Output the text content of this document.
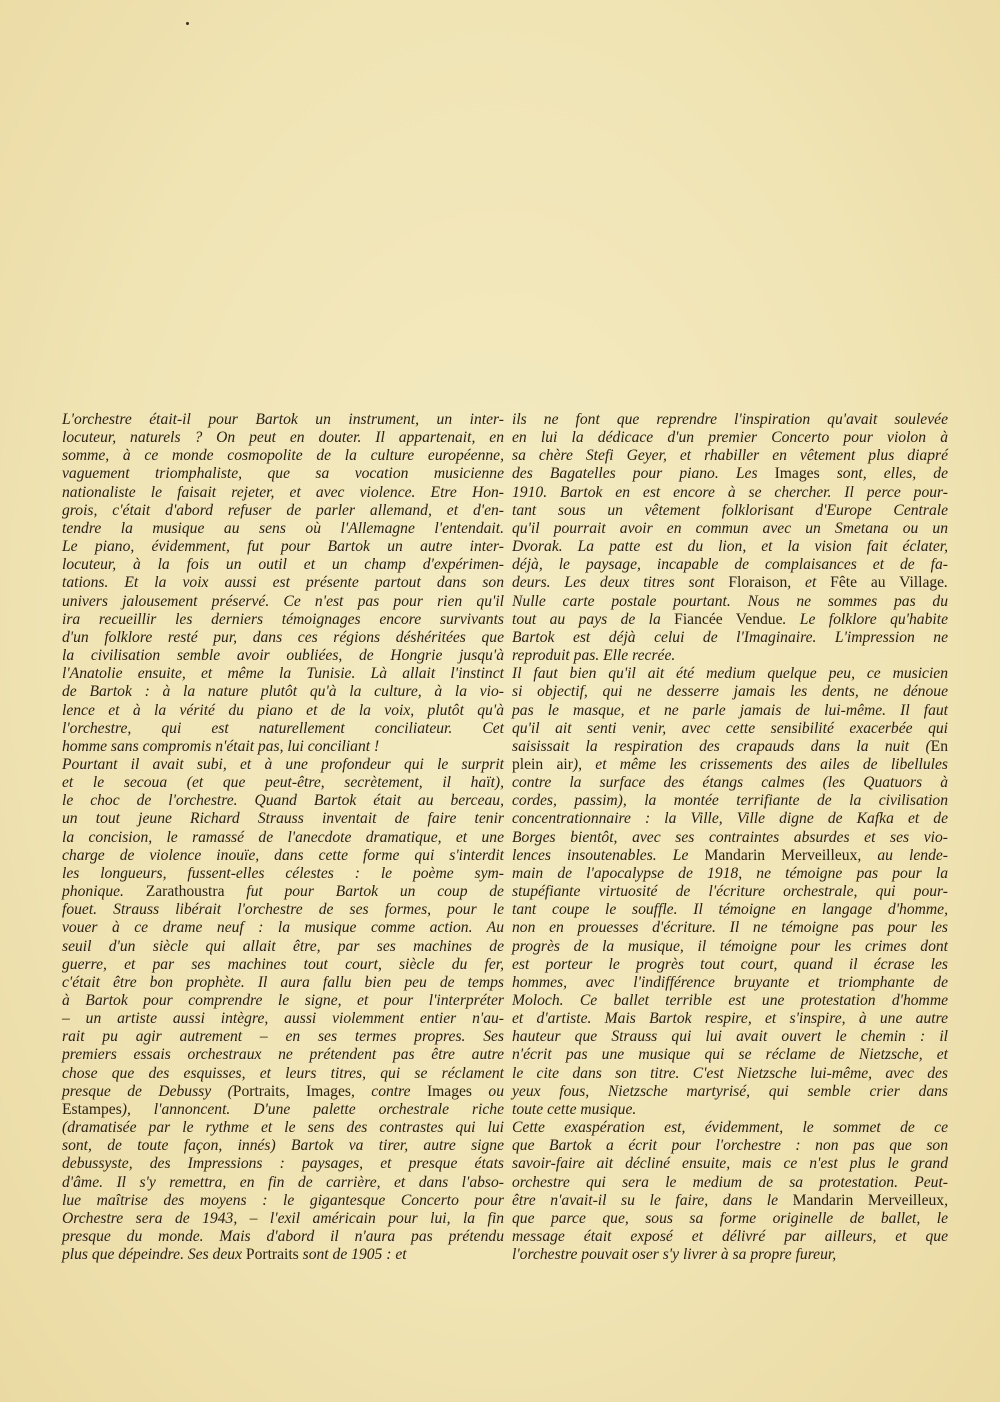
L'orchestre était-il pour Bartok un instrument, un inter-
locuteur, naturels ? On peut en douter. Il appartenait, en
somme, à ce monde cosmopolite de la culture européenne,
vaguement triomphaliste, que sa vocation musicienne
nationaliste le faisait rejeter, et avec violence. Etre Hon-
grois, c'était d'abord refuser de parler allemand, et d'en-
tendre la musique au sens où l'Allemagne l'entendait.
Le piano, évidemment, fut pour Bartok un autre inter-
locuteur, à la fois un outil et un champ d'expérimen-
tations. Et la voix aussi est présente partout dans son
univers jalousement préservé. Ce n'est pas pour rien qu'il
ira recueillir les derniers témoignages encore survivants
d'un folklore resté pur, dans ces régions déshéritées que
la civilisation semble avoir oubliées, de Hongrie jusqu'à
l'Anatolie ensuite, et même la Tunisie. Là allait l'instinct
de Bartok : à la nature plutôt qu'à la culture, à la vio-
lence et à la vérité du piano et de la voix, plutôt qu'à
l'orchestre, qui est naturellement conciliateur. Cet
homme sans compromis n'était pas, lui conciliant !
Pourtant il avait subi, et à une profondeur qui le surprit
et le secoua (et que peut-être, secrètement, il haït),
le choc de l'orchestre. Quand Bartok était au berceau,
un tout jeune Richard Strauss inventait de faire tenir
la concision, le ramassé de l'anecdote dramatique, et une
charge de violence inouïe, dans cette forme qui s'interdit
les longueurs, fussent-elles célestes : le poème sym-
phonique. Zarathoustra fut pour Bartok un coup de
fouet. Strauss libérait l'orchestre de ses formes, pour le
vouer à ce drame neuf : la musique comme action. Au
seuil d'un siècle qui allait être, par ses machines de
guerre, et par ses machines tout court, siècle du fer,
c'était être bon prophète. Il aura fallu bien peu de temps
à Bartok pour comprendre le signe, et pour l'interpréter
– un artiste aussi intègre, aussi violemment entier n'au-
rait pu agir autrement – en ses termes propres. Ses
premiers essais orchestraux ne prétendent pas être autre
chose que des esquisses, et leurs titres, qui se réclament
presque de Debussy (Portraits, Images, contre Images ou
Estampes), l'annoncent. D'une palette orchestrale riche
(dramatisée par le rythme et le sens des contrastes qui lui
sont, de toute façon, innés) Bartok va tirer, autre signe
debussyste, des Impressions : paysages, et presque états
d'âme. Il s'y remettra, en fin de carrière, et dans l'abso-
lue maîtrise des moyens : le gigantesque Concerto pour
Orchestre sera de 1943, – l'exil américain pour lui, la fin
presque du monde. Mais d'abord il n'aura pas prétendu
plus que dépeindre. Ses deux Portraits sont de 1905 : et
ils ne font que reprendre l'inspiration qu'avait soulevée
en lui la dédicace d'un premier Concerto pour violon à
sa chère Stefi Geyer, et rhabiller en vêtement plus diapré
des Bagatelles pour piano. Les Images sont, elles, de
1910. Bartok en est encore à se chercher. Il perce pour-
tant sous un vêtement folklorisant d'Europe Centrale
qu'il pourrait avoir en commun avec un Smetana ou un
Dvorak. La patte est du lion, et la vision fait éclater,
déjà, le paysage, incapable de complaisances et de fa-
deurs. Les deux titres sont Floraison, et Fête au Village.
Nulle carte postale pourtant. Nous ne sommes pas du
tout au pays de la Fiancée Vendue. Le folklore qu'habite
Bartok est déjà celui de l'Imaginaire. L'impression ne
reproduit pas. Elle recrée.
Il faut bien qu'il ait été medium quelque peu, ce musicien
si objectif, qui ne desserre jamais les dents, ne dénoue
pas le masque, et ne parle jamais de lui-même. Il faut
qu'il ait senti venir, avec cette sensibilité exacerbée qui
saisissait la respiration des crapauds dans la nuit (En
plein air), et même les crissements des ailes de libellules
contre la surface des étangs calmes (les Quatuors à
cordes, passim), la montée terrifiante de la civilisation
concentrationnaire : la Ville, Ville digne de Kafka et de
Borges bientôt, avec ses contraintes absurdes et ses vio-
lences insoutenables. Le Mandarin Merveilleux, au lende-
main de l'apocalypse de 1918, ne témoigne pas pour la
stupéfiante virtuosité de l'écriture orchestrale, qui pour-
tant coupe le souffle. Il témoigne en langage d'homme,
non en prouesses d'écriture. Il ne témoigne pas pour les
progrès de la musique, il témoigne pour les crimes dont
est porteur le progrès tout court, quand il écrase les
hommes, avec l'indifférence bruyante et triomphante de
Moloch. Ce ballet terrible est une protestation d'homme
et d'artiste. Mais Bartok respire, et s'inspire, à une autre
hauteur que Strauss qui lui avait ouvert le chemin : il
n'écrit pas une musique qui se réclame de Nietzsche, et
le cite dans son titre. C'est Nietzsche lui-même, avec des
yeux fous, Nietzsche martyrisé, qui semble crier dans
toute cette musique.
Cette exaspération est, évidemment, le sommet de ce
que Bartok a écrit pour l'orchestre : non pas que son
savoir-faire ait décliné ensuite, mais ce n'est plus le grand
orchestre qui sera le medium de sa protestation. Peut-
être n'avait-il su le faire, dans le Mandarin Merveilleux,
que parce que, sous sa forme originelle de ballet, le
message était exposé et délivré par ailleurs, et que
l'orchestre pouvait oser s'y livrer à sa propre fureur,
